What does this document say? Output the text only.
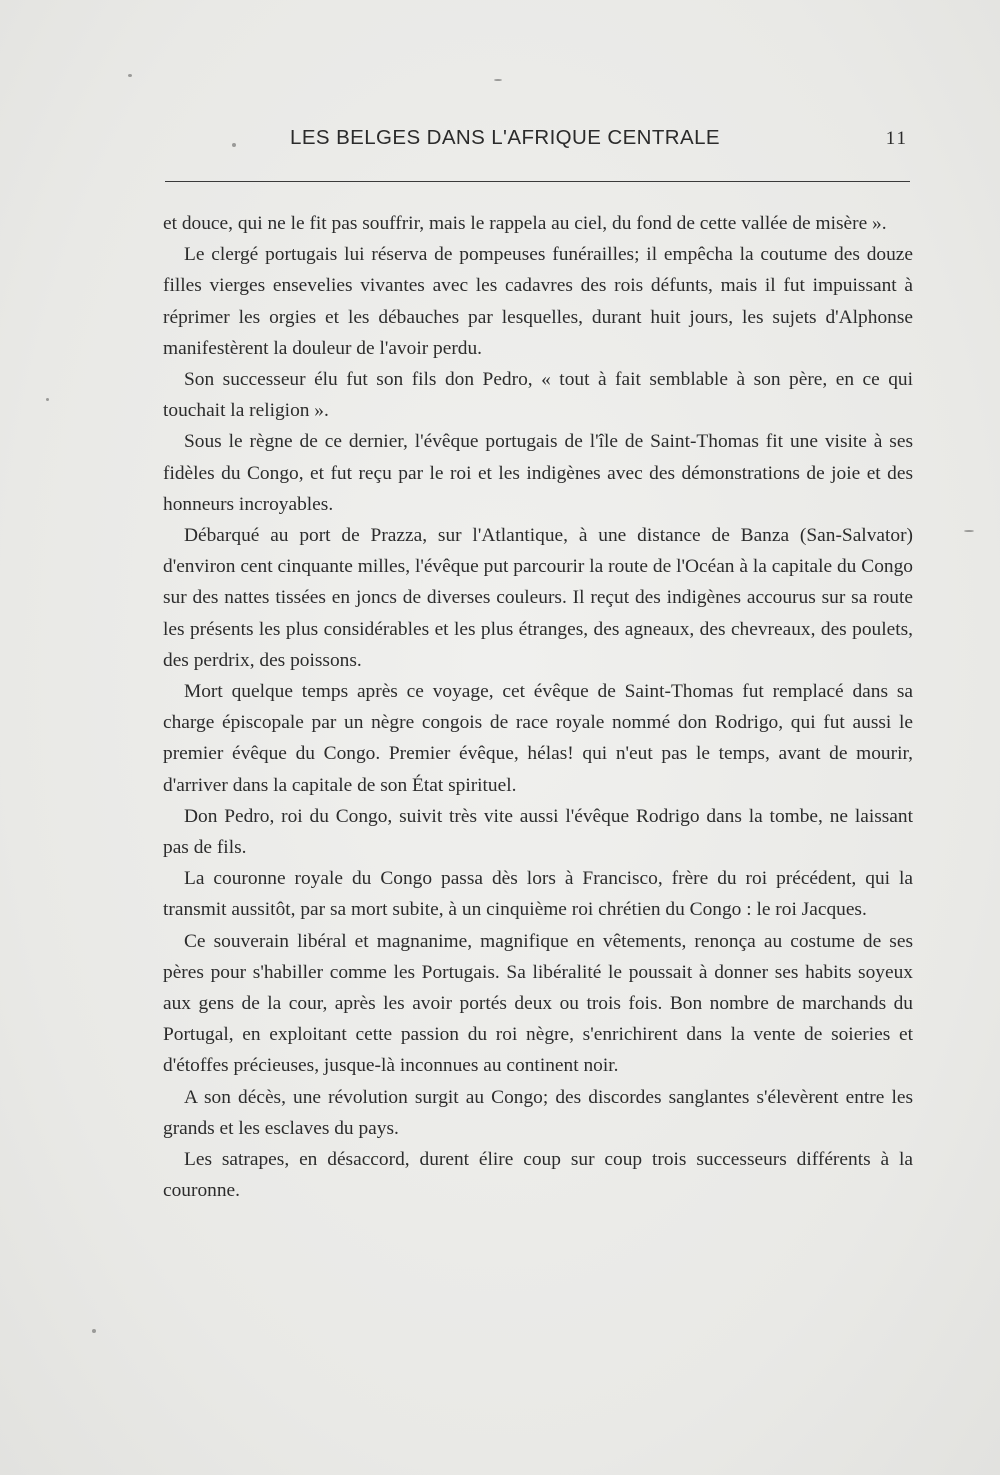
LES BELGES DANS L'AFRIQUE CENTRALE	11

et douce, qui ne le fit pas souffrir, mais le rappela au ciel, du fond de cette vallée de misère ».

Le clergé portugais lui réserva de pompeuses funérailles; il empêcha la coutume des douze filles vierges ensevelies vivantes avec les cadavres des rois défunts, mais il fut impuissant à réprimer les orgies et les débauches par lesquelles, durant huit jours, les sujets d'Alphonse manifestèrent la douleur de l'avoir perdu.

Son successeur élu fut son fils don Pedro, « tout à fait semblable à son père, en ce qui touchait la religion ».

Sous le règne de ce dernier, l'évêque portugais de l'île de Saint-Thomas fit une visite à ses fidèles du Congo, et fut reçu par le roi et les indigènes avec des démonstrations de joie et des honneurs incroyables.

Débarqué au port de Prazza, sur l'Atlantique, à une distance de Banza (San-Salvator) d'environ cent cinquante milles, l'évêque put parcourir la route de l'Océan à la capitale du Congo sur des nattes tissées en joncs de diverses couleurs. Il reçut des indigènes accourus sur sa route les présents les plus considérables et les plus étranges, des agneaux, des chevreaux, des poulets, des perdrix, des poissons.

Mort quelque temps après ce voyage, cet évêque de Saint-Thomas fut remplacé dans sa charge épiscopale par un nègre congois de race royale nommé don Rodrigo, qui fut aussi le premier évêque du Congo. Premier évêque, hélas! qui n'eut pas le temps, avant de mourir, d'arriver dans la capitale de son État spirituel.

Don Pedro, roi du Congo, suivit très vite aussi l'évêque Rodrigo dans la tombe, ne laissant pas de fils.

La couronne royale du Congo passa dès lors à Francisco, frère du roi précédent, qui la transmit aussitôt, par sa mort subite, à un cinquième roi chrétien du Congo : le roi Jacques.

Ce souverain libéral et magnanime, magnifique en vêtements, renonça au costume de ses pères pour s'habiller comme les Portugais. Sa libéralité le poussait à donner ses habits soyeux aux gens de la cour, après les avoir portés deux ou trois fois. Bon nombre de marchands du Portugal, en exploitant cette passion du roi nègre, s'enrichirent dans la vente de soieries et d'étoffes précieuses, jusque-là inconnues au continent noir.

A son décès, une révolution surgit au Congo; des discordes sanglantes s'élevèrent entre les grands et les esclaves du pays.

Les satrapes, en désaccord, durent élire coup sur coup trois successeurs différents à la couronne.
